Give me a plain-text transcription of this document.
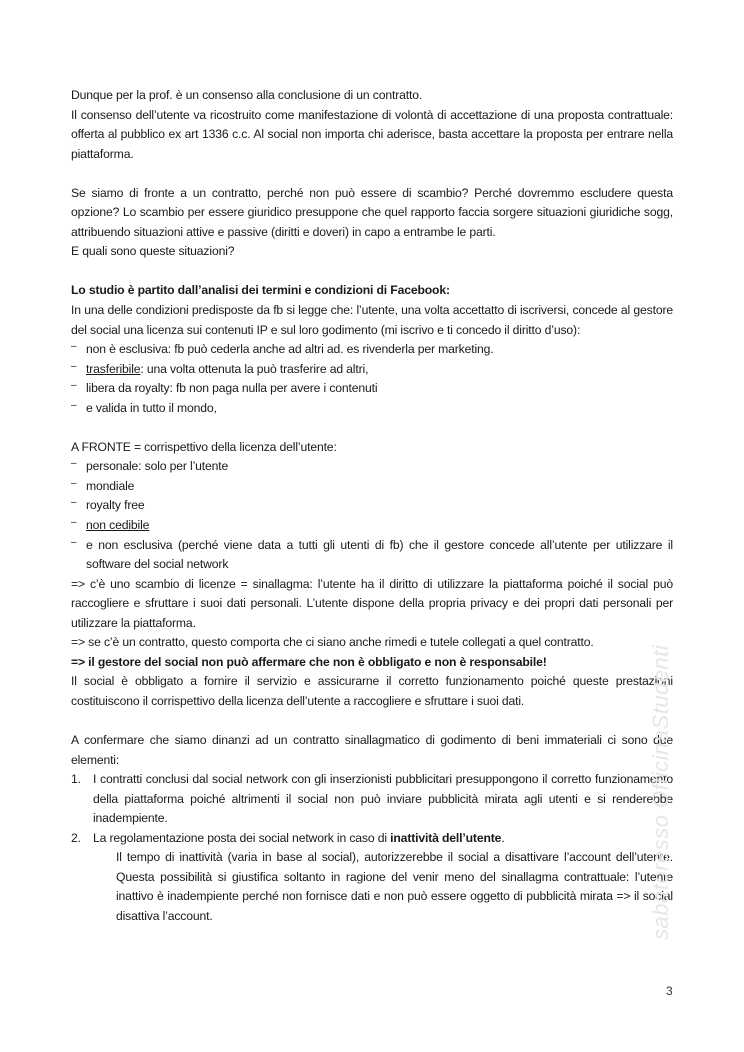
Dunque per la prof. è un consenso alla conclusione di un contratto.

Il consenso dell’utente va ricostruito come manifestazione di volontà di accettazione di una proposta contrattuale: offerta al pubblico ex art 1336 c.c. Al social non importa chi aderisce, basta accettare la proposta per entrare nella piattaforma.

Se siamo di fronte a un contratto, perché non può essere di scambio? Perché dovremmo escludere questa opzione? Lo scambio per essere giuridico presuppone che quel rapporto faccia sorgere situazioni giuridiche sogg, attribuendo situazioni attive e passive (diritti e doveri) in capo a entrambe le parti.

E quali sono queste situazioni?

Lo studio è partito dall’analisi dei termini e condizioni di Facebook:

In una delle condizioni predisposte da fb si legge che: l’utente, una volta accettatto di iscriversi, concede al gestore del social una licenza sui contenuti IP e sul loro godimento (mi iscrivo e ti concedo il diritto d’uso):

– non è esclusiva: fb può cederla anche ad altri ad. es rivenderla per marketing.
– trasferibile: una volta ottenuta la può trasferire ad altri,
– libera da royalty: fb non paga nulla per avere i contenuti
– e valida in tutto il mondo,

A FRONTE = corrispettivo della licenza dell’utente:

– personale: solo per l’utente
– mondiale
– royalty free
– non cedibile
– e non esclusiva (perché viene data a tutti gli utenti di fb) che il gestore concede all’utente per utilizzare il software del social network

=> c’è uno scambio di licenze = sinallagma: l’utente ha il diritto di utilizzare la piattaforma poiché il social può raccogliere e sfruttare i suoi dati personali. L’utente dispone della propria privacy e dei propri dati personali per utilizzare la piattaforma.

=> se c’è un contratto, questo comporta che ci siano anche rimedi e tutele collegati a quel contratto.

=> il gestore del social non può affermare che non è obbligato e non è responsabile!

Il social è obbligato a fornire il servizio e assicurarne il corretto funzionamento poiché queste prestazioni costituiscono il corrispettivo della licenza dell’utente a raccogliere e sfruttare i suoi dati.

A confermare che siamo dinanzi ad un contratto sinallagmatico di godimento di beni immateriali ci sono due elementi:

1. I contratti conclusi dal social network con gli inserzionisti pubblicitari presuppongono il corretto funzionamento della piattaforma poiché altrimenti il social non può inviare pubblicità mirata agli utenti e si renderebbe inadempiente.
2. La regolamentazione posta dei social network in caso di inattività dell’utente.

Il tempo di inattività (varia in base al social), autorizzerebbe il social a disattivare l’account dell’utente. Questa possibilità si giustifica soltanto in ragione del venir meno del sinallagma contrattuale: l’utente inattivo è inadempiente perché non fornisce dati e non può essere oggetto di pubblicità mirata => il social disattiva l’account.	sabatoresso OfficinaStudenti
3
